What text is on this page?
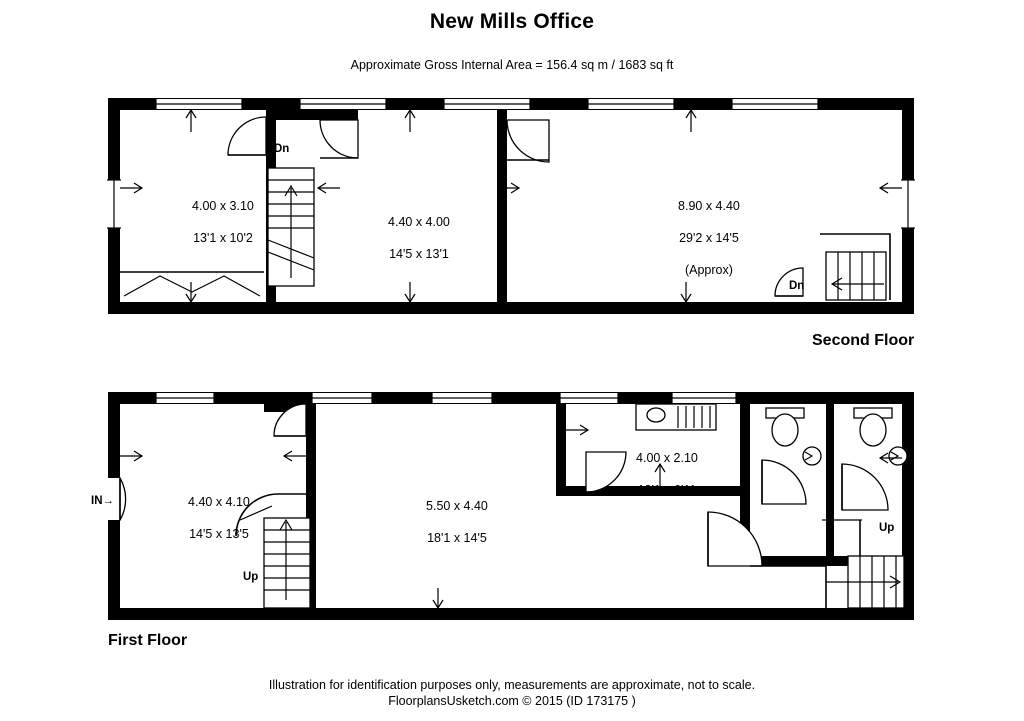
New Mills Office
Approximate Gross Internal Area = 156.4 sq m / 1683 sq ft

4.00 x 3.10

13'1 x 10'2

4.40 x 4.00

14'5 x 13'1

8.90 x 4.40

29'2 x 14'5

(Approx)

Dn
Dn
Second Floor

4.40 x 4.10

14'5 x 13'5

5.50 x 4.40

18'1 x 14'5

4.00 x 2.10

13'1 x 6'11

Up
Up
IN→
First Floor
Illustration for identification purposes only, measurements are approximate, not to scale.
FloorplansUsketch.com © 2015 (ID 173175 )
